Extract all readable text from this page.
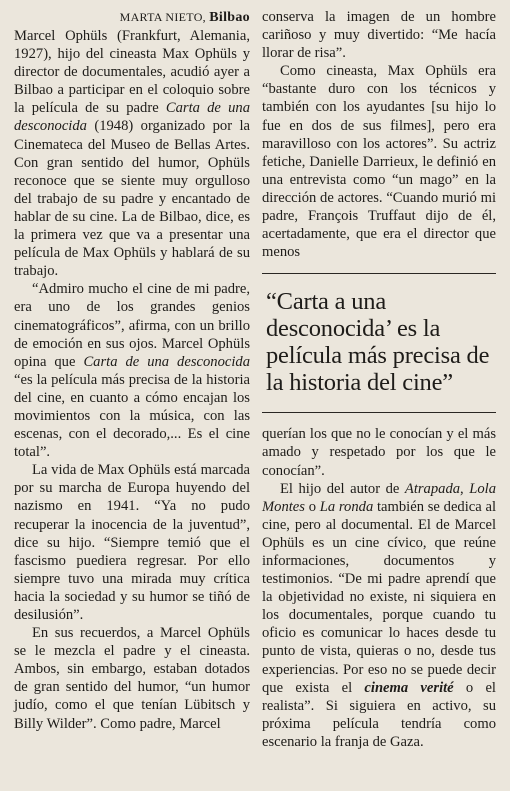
MARTA NIETO, Bilbao

Marcel Ophüls (Frankfurt, Alemania, 1927), hijo del cineasta Max Ophüls y director de documentales, acudió ayer a Bilbao a participar en el coloquio sobre la película de su padre Carta de una desconocida (1948) organizado por la Cinemateca del Museo de Bellas Artes. Con gran sentido del humor, Ophüls reconoce que se siente muy orgulloso del trabajo de su padre y encantado de hablar de su cine. La de Bilbao, dice, es la primera vez que va a presentar una película de Max Ophüls y hablará de su trabajo.

“Admiro mucho el cine de mi padre, era uno de los grandes genios cinematográficos”, afirma, con un brillo de emoción en sus ojos. Marcel Ophüls opina que Carta de una desconocida “es la película más precisa de la historia del cine, en cuanto a cómo encajan los movimientos con la música, con las escenas, con el decorado,... Es el cine total”.

La vida de Max Ophüls está marcada por su marcha de Europa huyendo del nazismo en 1941. “Ya no pudo recuperar la inocencia de la juventud”, dice su hijo. “Siempre temió que el fascismo puediera regresar. Por ello siempre tuvo una mirada muy crítica hacia la sociedad y su humor se tiñó de desilusión”.

En sus recuerdos, a Marcel Ophüls se le mezcla el padre y el cineasta. Ambos, sin embargo, estaban dotados de gran sentido del humor, “un humor judío, como el que tenían Lübitsch y Billy Wilder”. Como padre, Marcel

conserva la imagen de un hombre cariñoso y muy divertido: “Me hacía llorar de risa”.

Como cineasta, Max Ophüls era “bastante duro con los técnicos y también con los ayudantes [su hijo lo fue en dos de sus filmes], pero era maravilloso con los actores”. Su actriz fetiche, Danielle Darrieux, le definió en una entrevista como “un mago” en la dirección de actores. “Cuando murió mi padre, François Truffaut dijo de él, acertadamente, que era el director que menos

“Carta a una desconocida’ es la película más precisa de la historia del cine”

querían los que no le conocían y el más amado y respetado por los que le conocían”.

El hijo del autor de Atrapada, Lola Montes o La ronda también se dedica al cine, pero al documental. El de Marcel Ophüls es un cine cívico, que reúne informaciones, documentos y testimonios. “De mi padre aprendí que la objetividad no existe, ni siquiera en los documentales, porque cuando tu oficio es comunicar lo haces desde tu punto de vista, quieras o no, desde tus experiencias. Por eso no se puede decir que exista el cinema verité o el realista”. Si siguiera en activo, su próxima película tendría como escenario la franja de Gaza.
